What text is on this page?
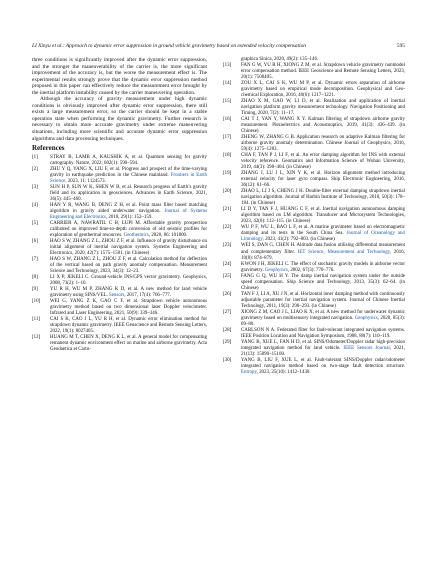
LI Xinyu et al.: Approach to dynamic error suppression in ground vehicle gravimetry based on extended velocity compensation	595

three conditions is significantly improved after the dynamic error suppression, and the stronger the maneuverability of the carrier is, the more significant improvement of the accuracy is, but the worse the measurement effect is. The experimental results strongly prove that the dynamic error suppression method proposed in this paper can effectively reduce the measurement error brought by the inertial platform instability caused by the carrier maneuvering operation.

Although the accuracy of gravity measurement under high dynamic conditions is obviously improved after dynamic error suppression, there still exists a large measurement error, so the carrier should be kept in a stable operation state when performing the dynamic gravimetry. Further research is necessary to obtain more accurate gravimetry under extreme maneuvering situations, including more scientific and accurate dynamic error suppression algorithms and data processing techniques.

References

[1] STRAY B, LAMB A, KAUSHIK A, et al. Quantum sensing for gravity cartography. Nature, 2022, 602(1): 590–594.

[2] ZHU Y Q, YANG X, LIU F, et al. Progress and prospect of the time-varying gravity in earthquake prediction in the Chinese mainland. Frontiers in Earth Science, 2023, 11: 1124573.

[3] SUN H P, SUN W K, SHEN W B, et al. Research progress of Earth’s gravity field and its application in geosciences. Advances in Earth Science, 2021, 36(5): 445–460.

[4] HAN Y R, WANG B, DENG Z H, et al. Point mass filter based matching algorithm in gravity aided underwater navigation. Journal of Systems Engineering and Electronics, 2018, 29(1): 152–159.

[5] CARRIER A, NAWRATIL C B, LUPI M. Affordable gravity prospection calibrated on improved time-to-depth conversion of old seismic profiles for exploration of geothermal resources. Geothermics, 2020, 86: 101800.

[6] HAO S W, ZHANG Z L, ZHOU Z F, et al. Influence of gravity disturbance on initial alignment of inertial navigation system. Systems Engineering and Electronics, 2020, 42(7): 1575–1581. (in Chinese)

[7] HAO S W, ZHANG Z L, ZHOU Z F, et al. Calculation method for deflection of the vertical based on path gravity anomaly compensation. Measurement Science and Technology, 2023, 34(3): 12–23.

[8] LI X P, JEKELI C. Ground-vehicle INS/GPS vector gravimetry. Geophysics, 2008, 73(2): 1–10.

[9] YU R H, WU M P, ZHANG K D, et al. A new method for land vehicle gravimetry using SINS/VEL. Sensors, 2017, 17(4): 766–777.

[10] WEI G, YANG Z K, GAO C F, et al. Strapdown vehicle autonomous gravimetry method based on two dimensional laser Doppler velocimeter. Infrared and Laser Engineering, 2021, 50(9): 339–346.

[11] CAI S K, CAO J L, YU R H, et al. Dynamic error elimination method for strapdown dynamic gravimetry. IEEE Geoscience and Remote Sensing Letters, 2022, 19(1): 8027405.

[12] HUANG M T, CHEN X, DENG K L, et al. A general model for compensating remanent dynamic environment effect on marine and airborne gravimetry. Acta Geodaetica et Carto-

graphica Sinica, 2020, 49(2): 135–146.

[13] FAN G W, YU R H, XIONG Z M, et al. Strapdown vehicle gravimetry nonmodel error compensation method. IEEE Geoscience and Remote Sensing Letters, 2023, 20(1): 7500405.

[14] ZOU X L, CAI S K, WU M P, et al. Dynamic errors separation of airborne gravimetry based on empirical mode decomposition. Geophysical and Geo-chemical Exploration, 2016, 40(6): 1217–1221.

[15] ZHAO X M, GAO W, LI D, et al. Realization and application of inertial navigation platform gravity measurement technology. Navigation Positioning and Timing, 2020, 7(2): 11–17.

[16] CAI T J, YAN Y, WANG X Y. Kalman filtering of strapdown airborne gravity measurement. Piezoelectrics and Acoustooptics, 2019, 41(3): 436–439. (in Chinese)

[17] ZHENG W, ZHANG G B. Application research on adaptive Kalman filtering for airborne gravity anomaly determination. Chinese Journal of Geophysics, 2016, 59(4): 1275–1283.

[18] CHA F, TAN P J, LI F, et al. An error damping algorithm for INS with external velocity reference. Geomatics and Information Science of Wuhan University, 2019, 44(3): 398–404. (in Chinese)

[19] ZHANG J, LU J L, XIN Y K, et al. Horizon alignment method introducing external velocity for laser gyro compass. Ship Electronic Engineering, 2016, 36(12): 61–66.

[20] ZHAO L, LI J S, CHENG J H. Double-filter external damping strapdown inertial navigation algorithm. Journal of Harbin Institute of Technology, 2018, 50(3): 178–184. (in Chinese)

[21] LI D Y, TAN F J, HUANG C F, et al. Inertial navigation autonomous damping algorithm based on LM algorithm. Transducer and Microsystem Technologies, 2023, 42(6): 112–115. (in Chinese)

[22] WU P F, WU L, BAO L F, et al. A marine gravimeter based on electromagnetic damping and its tests in the South China Sea. Journal of Oceanology and Limnology, 2023, 41(2): 792–803. (in Chinese)

[23] WEI S, DAN G, CHEN H. Altitude data fusion utilising differential measurement and complementary filter. IET Science, Measurement and Technology, 2016, 10(8): 874–879.

[24] KWON J H, JEKELI C. The effect of stochastic gravity models in airborne vector gravimetry. Geophysics, 2002, 67(3): 770–776.

[25] FANG G Q, WU H Y. The damp inertial navigation system under the outside speed compensation. Ship Science and Technology, 2013, 35(3): 62–64. (in Chinese)

[26] TAN F J, LI A, XU J N, et al. Horizontal inner damping method with continuously adjustable parameter for inertial navigation system. Journal of Chinese Inertial Technology, 2011, 19(3): 290–293. (in Chinese)

[27] XIONG Z M, CAO J L, LIAO K X, et al. A new method for underwater dynamic gravimetry based on multisensory integrated navigation. Geophysics, 2020, 85(3): 69–80.

[28] CARLSON N A. Federated filter for fault-tolerant integrated navigation systems. IEEE Position Location and Navigation Symposium, 1988, 88(7): 110–119.

[29] YANG B, XUE L, FAN H D, et al. SINS/Odometer/Doppler radar high-precision integrated navigation method for land vehicle. IEEE Sensors Journal, 2021, 21(13): 15090–15100.

[30] YANG B, LIU F, XUE L, et al. Fault-tolerant SINS/Doppler radar/odometer integrated navigation method based on two-stage fault detection structure. Entropy, 2023, 25(10): 1412–1430.
